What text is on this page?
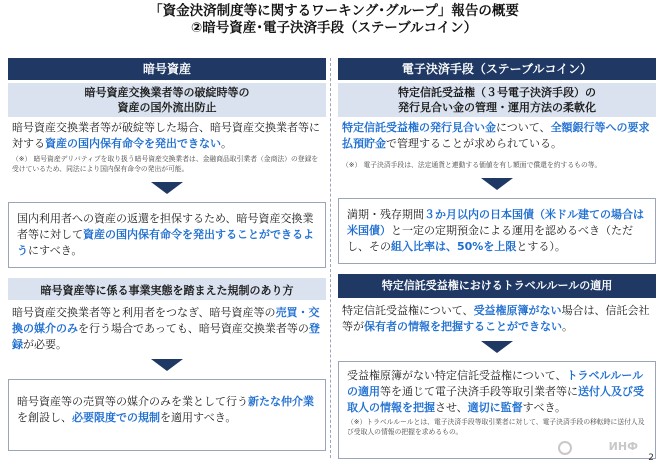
「資金決済制度等に関するワーキング･グループ」報告の概要
②暗号資産･電子決済手段（ステーブルコイン）
暗号資産
暗号資産交換業者等の破綻時等の
資産の国外流出防止
暗号資産交換業者等が破綻等した場合、暗号資産交換業者等に対する資産の国内保有命令を発出できない。
（※） 暗号資産デリバティブを取り扱う暗号資産交換業者は、金融商品取引業者（金商法）の登録を受けているため、同法により国内保有命令の発出が可能。
国内利用者への資産の返還を担保するため、暗号資産交換業者等に対して資産の国内保有命令を発出することができるようにすべき。
暗号資産等に係る事業実態を踏まえた規制のあり方
暗号資産交換業者等と利用者をつなぎ、暗号資産等の売買・交換の媒介のみを行う場合であっても、暗号資産交換業者等の登録が必要。
暗号資産等の売買等の媒介のみを業として行う新たな仲介業を創設し、必要限度での規制を適用すべき。
電子決済手段（ステーブルコイン）
特定信託受益権（３号電子決済手段）の
発行見合い金の管理・運用方法の柔軟化
特定信託受益権の発行見合い金について、全額銀行等への要求払預貯金で管理することが求められている。
（※） 電子決済手段は、法定通貨と連動する価値を有し額面で償還を約するもの等。
満期・残存期間３か月以内の日本国債（米ドル建ての場合は米国債）と一定の定期預金による運用を認めるべき（ただし、その組入比率は、50%を上限とする）。
特定信託受益権におけるトラベルルールの適用
特定信託受益権について、受益権原簿がない場合は、信託会社等が保有者の情報を把握することができない。
受益権原簿がない特定信託受益権について、トラベルルールの適用等を通じて電子決済手段等取引業者等に送付人及び受取人の情報を把握させ、適切に監督すべき。
（※）トラベルルールとは、電子決済手段等取引業者に対して、電子決済手段の移転時に送付人及び受取人の情報の把握を求めるもの。
ИНФ
2
